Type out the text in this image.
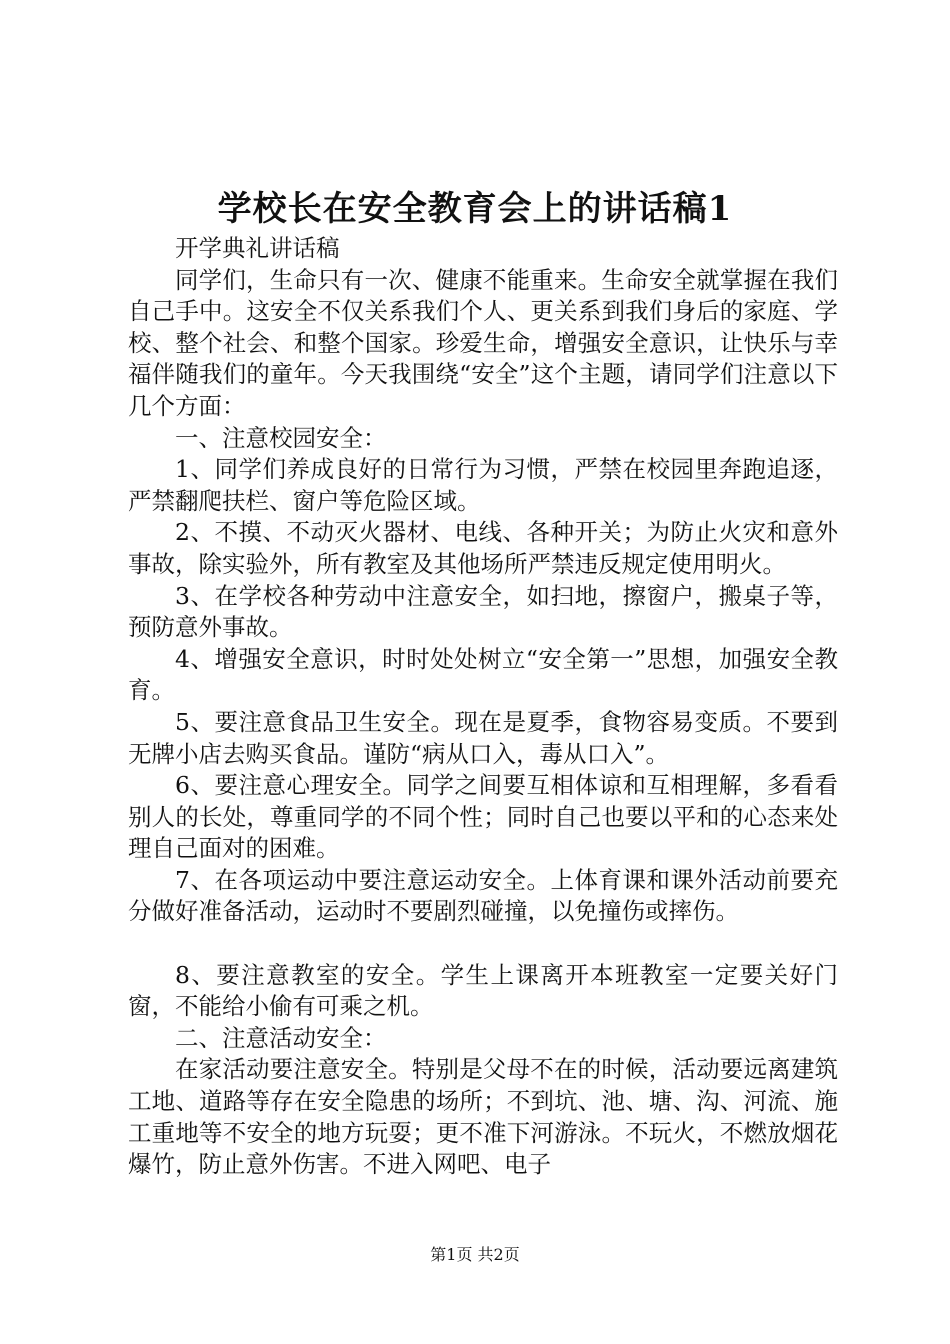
学校长在安全教育会上的讲话稿1

开学典礼讲话稿

同学们，生命只有一次、健康不能重来。生命安全就掌握在我们自己手中。这安全不仅关系我们个人、更关系到我们身后的家庭、学校、整个社会、和整个国家。珍爱生命，增强安全意识，让快乐与幸福伴随我们的童年。今天我围绕“安全”这个主题，请同学们注意以下几个方面：

一、注意校园安全：

1、同学们养成良好的日常行为习惯，严禁在校园里奔跑追逐，严禁翻爬扶栏、窗户等危险区域。

2、不摸、不动灭火器材、电线、各种开关；为防止火灾和意外事故，除实验外，所有教室及其他场所严禁违反规定使用明火。

3、在学校各种劳动中注意安全，如扫地，擦窗户，搬桌子等，预防意外事故。

4、增强安全意识，时时处处树立“安全第一”思想，加强安全教育。

5、要注意食品卫生安全。现在是夏季，食物容易变质。不要到无牌小店去购买食品。谨防“病从口入，毒从口入”。

6、要注意心理安全。同学之间要互相体谅和互相理解，多看看别人的长处，尊重同学的不同个性；同时自己也要以平和的心态来处理自己面对的困难。

7、在各项运动中要注意运动安全。上体育课和课外活动前要充分做好准备活动，运动时不要剧烈碰撞，以免撞伤或摔伤。

8、要注意教室的安全。学生上课离开本班教室一定要关好门窗，不能给小偷有可乘之机。

二、注意活动安全：

在家活动要注意安全。特别是父母不在的时候，活动要远离建筑工地、道路等存在安全隐患的场所；不到坑、池、塘、沟、河流、施工重地等不安全的地方玩耍；更不准下河游泳。不玩火，不燃放烟花爆竹，防止意外伤害。不进入网吧、电子

第1页 共2页
